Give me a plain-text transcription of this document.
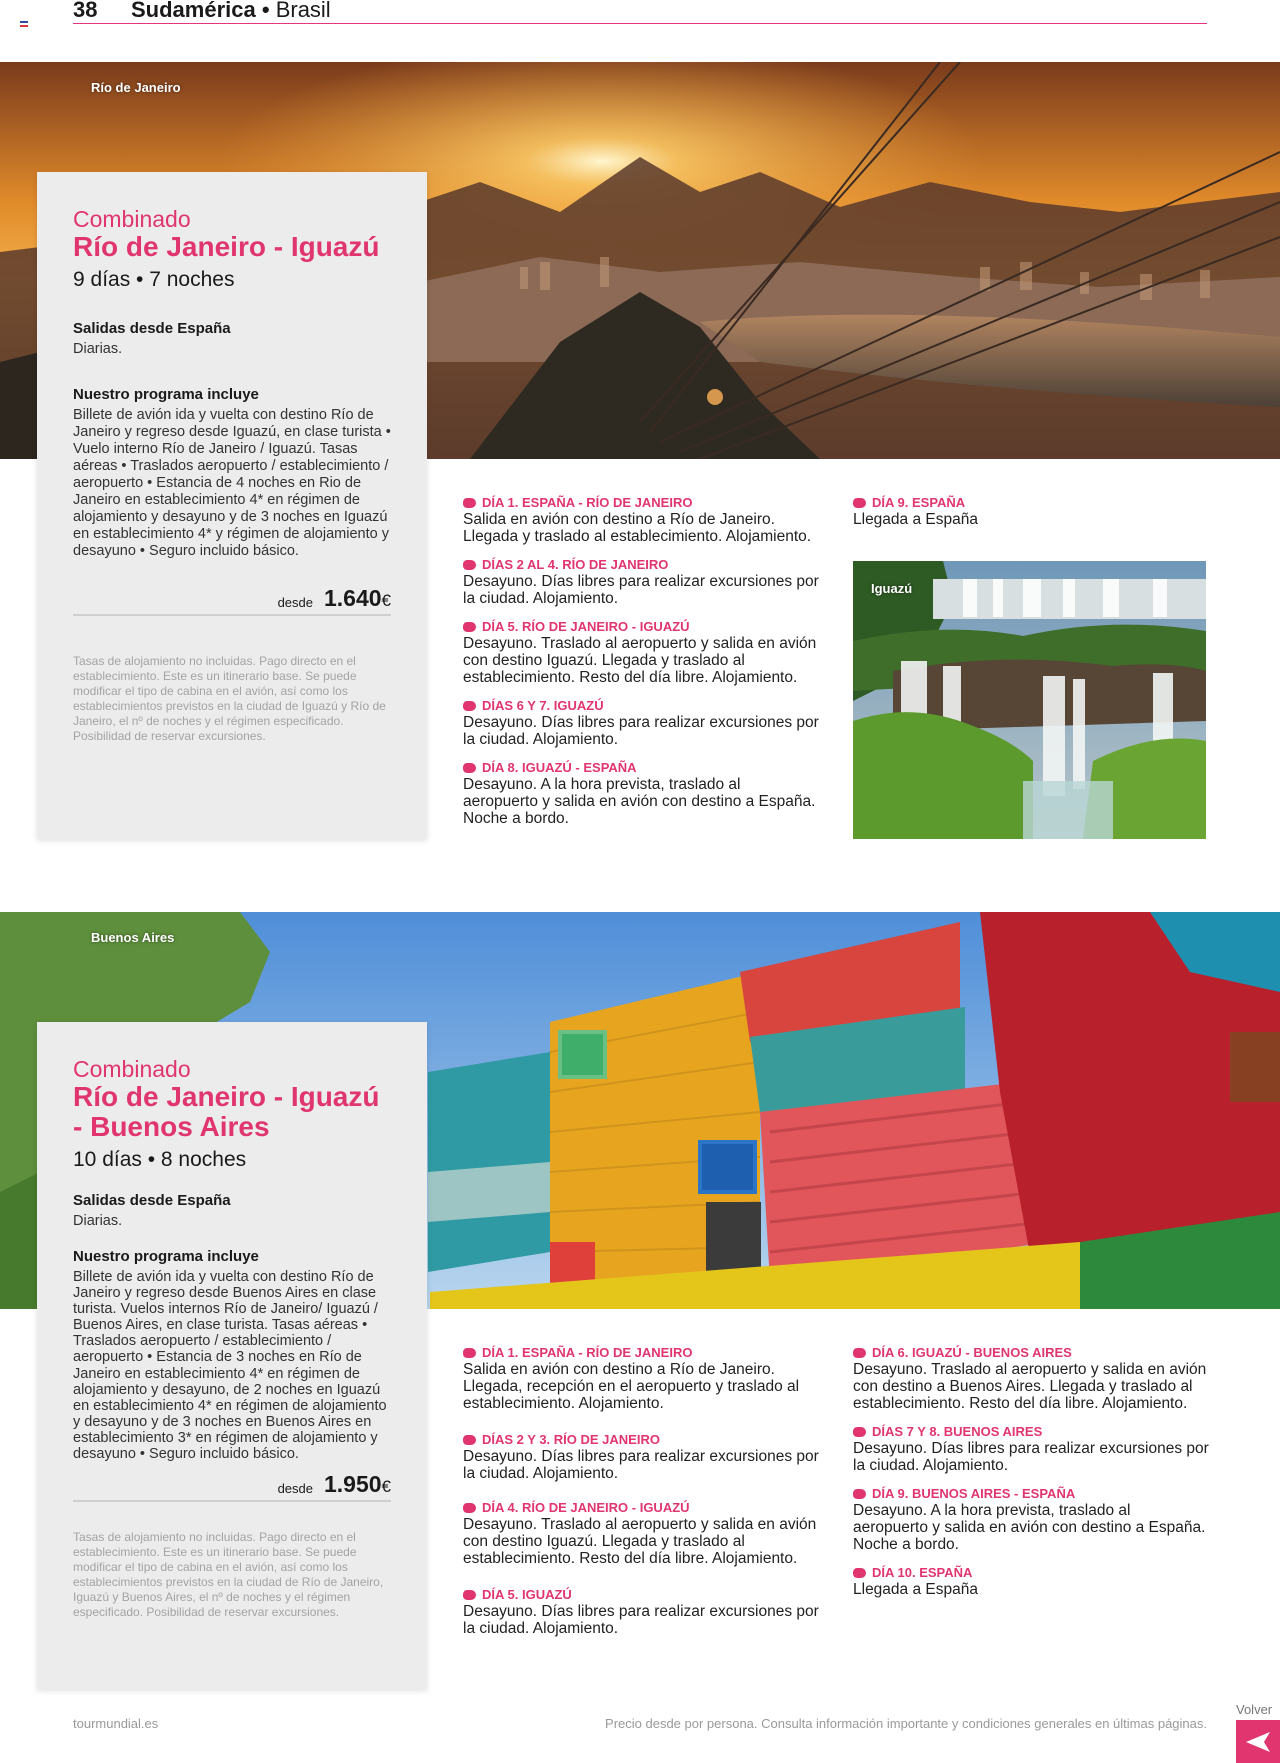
38 Sudamérica • Brasil
Río de Janeiro
Combinado
Río de Janeiro - Iguazú
9 días • 7 noches
Salidas desde España
Diarias.
Nuestro programa incluye
Billete de avión ida y vuelta con destino Río de Janeiro y regreso desde Iguazú, en clase turista • Vuelo interno Río de Janeiro / Iguazú. Tasas aéreas • Traslados aeropuerto / establecimiento / aeropuerto • Estancia de 4 noches en Rio de Janeiro en establecimiento 4* en régimen de alojamiento y desayuno y de 3 noches en Iguazú en establecimiento 4* y régimen de alojamiento y desayuno • Seguro incluido básico.
desde 1.640€
Tasas de alojamiento no incluidas. Pago directo en el establecimiento. Este es un itinerario base. Se puede modificar el tipo de cabina en el avión, así como los establecimientos previstos en la ciudad de Iguazú y Río de Janeiro, el nº de noches y el régimen especificado. Posibilidad de reservar excursiones.
DÍA 1. ESPAÑA - RÍO DE JANEIRO
Salida en avión con destino a Río de Janeiro. Llegada y traslado al establecimiento. Alojamiento.
DÍAS 2 AL 4. RÍO DE JANEIRO
Desayuno. Días libres para realizar excursiones por la ciudad. Alojamiento.
DÍA 5. RÍO DE JANEIRO - IGUAZÚ
Desayuno. Traslado al aeropuerto y salida en avión con destino Iguazú. Llegada y traslado al establecimiento. Resto del día libre. Alojamiento.
DÍAS 6 Y 7. IGUAZÚ
Desayuno. Días libres para realizar excursiones por la ciudad. Alojamiento.
DÍA 8. IGUAZÚ - ESPAÑA
Desayuno. A la hora prevista, traslado al aeropuerto y salida en avión con destino a España. Noche a bordo.
DÍA 9. ESPAÑA
Llegada a España
Iguazú
Buenos Aires
Combinado
Río de Janeiro - Iguazú
- Buenos Aires
10 días • 8 noches
Salidas desde España
Diarias.
Nuestro programa incluye
Billete de avión ida y vuelta con destino Río de Janeiro y regreso desde Buenos Aires en clase turista. Vuelos internos Río de Janeiro/ Iguazú / Buenos Aires, en clase turista. Tasas aéreas • Traslados aeropuerto / establecimiento / aeropuerto • Estancia de 3 noches en Río de Janeiro en establecimiento 4* en régimen de alojamiento y desayuno, de 2 noches en Iguazú en establecimiento 4* en régimen de alojamiento y desayuno y de 3 noches en Buenos Aires en establecimiento 3* en régimen de alojamiento y desayuno • Seguro incluido básico.
desde 1.950€
Tasas de alojamiento no incluidas. Pago directo en el establecimiento. Este es un itinerario base. Se puede modificar el tipo de cabina en el avión, así como los establecimientos previstos en la ciudad de Río de Janeiro, Iguazú y Buenos Aires, el nº de noches y el régimen especificado. Posibilidad de reservar excursiones.
DÍA 1. ESPAÑA - RÍO DE JANEIRO
Salida en avión con destino a Río de Janeiro. Llegada, recepción en el aeropuerto y traslado al establecimiento. Alojamiento.
DÍAS 2 Y 3. RÍO DE JANEIRO
Desayuno. Días libres para realizar excursiones por la ciudad. Alojamiento.
DÍA 4. RÍO DE JANEIRO - IGUAZÚ
Desayuno. Traslado al aeropuerto y salida en avión con destino Iguazú. Llegada y traslado al establecimiento. Resto del día libre. Alojamiento.
DÍA 5. IGUAZÚ
Desayuno. Días libres para realizar excursiones por la ciudad. Alojamiento.
DÍA 6. IGUAZÚ - BUENOS AIRES
Desayuno. Traslado al aeropuerto y salida en avión con destino a Buenos Aires. Llegada y traslado al establecimiento. Resto del día libre. Alojamiento.
DÍAS 7 Y 8. BUENOS AIRES
Desayuno. Días libres para realizar excursiones por la ciudad. Alojamiento.
DÍA 9. BUENOS AIRES - ESPAÑA
Desayuno. A la hora prevista, traslado al aeropuerto y salida en avión con destino a España. Noche a bordo.
DÍA 10. ESPAÑA
Llegada a España
tourmundial.es	Precio desde por persona. Consulta información importante y condiciones generales en últimas páginas.
Volver
